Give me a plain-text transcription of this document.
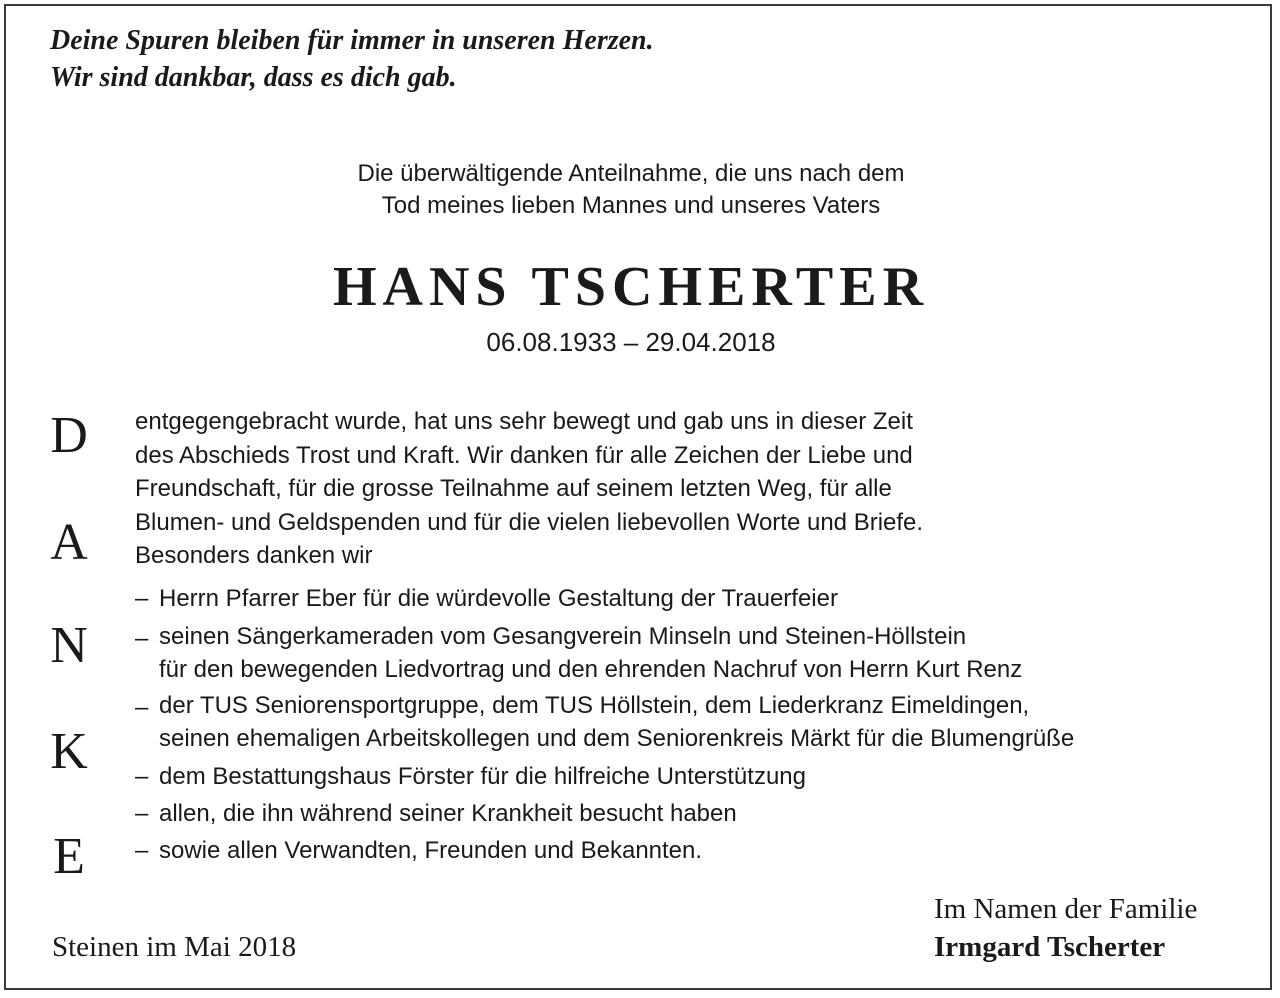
Deine Spuren bleiben für immer in unseren Herzen.
Wir sind dankbar, dass es dich gab.
Die überwältigende Anteilnahme, die uns nach dem
Tod meines lieben Mannes und unseres Vaters
HANS TSCHERTER
06.08.1933 – 29.04.2018
D
A
N
K
E
entgegengebracht wurde, hat uns sehr bewegt und gab uns in dieser Zeit
des Abschieds Trost und Kraft. Wir danken für alle Zeichen der Liebe und
Freundschaft, für die grosse Teilnahme auf seinem letzten Weg, für alle
Blumen- und Geldspenden und für die vielen liebevollen Worte und Briefe.
Besonders danken wir
– Herrn Pfarrer Eber für die würdevolle Gestaltung der Trauerfeier
– seinen Sängerkameraden vom Gesangverein Minseln und Steinen-Höllstein
für den bewegenden Liedvortrag und den ehrenden Nachruf von Herrn Kurt Renz
– der TUS Seniorensportgruppe, dem TUS Höllstein, dem Liederkranz Eimeldingen,
seinen ehemaligen Arbeitskollegen und dem Seniorenkreis Märkt für die Blumengrüße
– dem Bestattungshaus Förster für die hilfreiche Unterstützung
– allen, die ihn während seiner Krankheit besucht haben
– sowie allen Verwandten, Freunden und Bekannten.
Steinen im Mai 2018
Im Namen der Familie
Irmgard Tscherter
